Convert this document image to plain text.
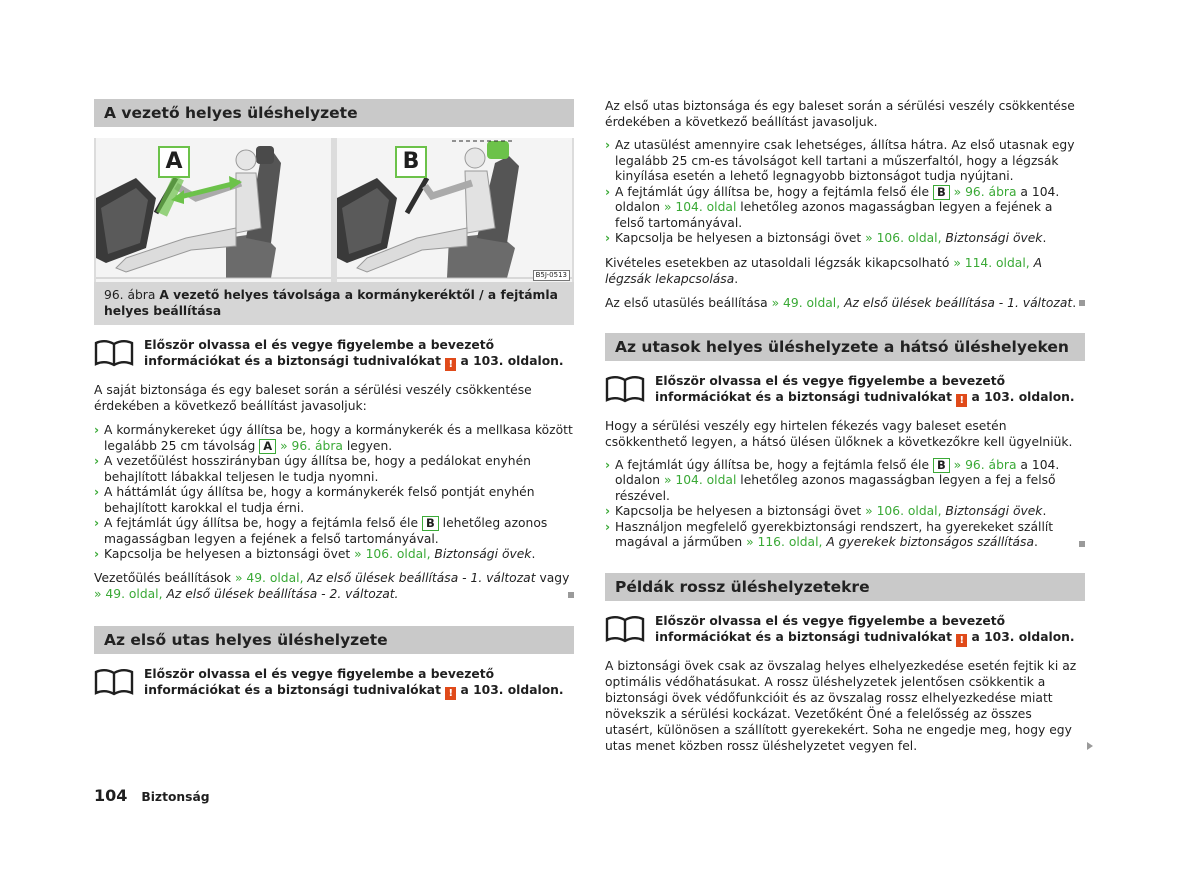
A vezető helyes üléshelyzete
A	B
B5J-0513
96. ábra A vezető helyes távolsága a kormánykeréktől / a fejtámla helyes beállítása
Először olvassa el és vegye figyelembe a bevezető információkat és a biztonsági tudnivalókat ! a 103. oldalon.

A saját biztonsága és egy baleset során a sérülési veszély csökkentése érdekében a következő beállítást javasoljuk:

› A kormánykereket úgy állítsa be, hogy a kormánykerék és a mellkasa között legalább 25 cm távolság A » 96. ábra legyen.
› A vezetőülést hosszirányban úgy állítsa be, hogy a pedálokat enyhén behajlított lábakkal teljesen le tudja nyomni.
› A háttámlát úgy állítsa be, hogy a kormánykerék felső pontját enyhén behajlított karokkal el tudja érni.
› A fejtámlát úgy állítsa be, hogy a fejtámla felső éle B lehetőleg azonos magasságban legyen a fejének a felső tartományával.
› Kapcsolja be helyesen a biztonsági övet » 106. oldal, Biztonsági övek.

Vezetőülés beállítások » 49. oldal, Az első ülések beállítása - 1. változat vagy
» 49. oldal, Az első ülések beállítása - 2. változat.

Az első utas helyes üléshelyzete
Először olvassa el és vegye figyelembe a bevezető információkat és a biztonsági tudnivalókat ! a 103. oldalon.

Az első utas biztonsága és egy baleset során a sérülési veszély csökkentése érdekében a következő beállítást javasoljuk.

› Az utasülést amennyire csak lehetséges, állítsa hátra. Az első utasnak egy legalább 25 cm-es távolságot kell tartani a műszerfaltól, hogy a légzsák kinyílása esetén a lehető legnagyobb biztonságot tudja nyújtani.
› A fejtámlát úgy állítsa be, hogy a fejtámla felső éle B » 96. ábra a 104. oldalon » 104. oldal lehetőleg azonos magasságban legyen a fejének a felső tartományával.
› Kapcsolja be helyesen a biztonsági övet » 106. oldal, Biztonsági övek.

Kivételes esetekben az utasoldali légzsák kikapcsolható » 114. oldal, A légzsák lekapcsolása.

Az első utasülés beállítása » 49. oldal, Az első ülések beállítása - 1. változat.

Az utasok helyes üléshelyzete a hátsó üléshelyeken
Először olvassa el és vegye figyelembe a bevezető információkat és a biztonsági tudnivalókat ! a 103. oldalon.

Hogy a sérülési veszély egy hirtelen fékezés vagy baleset esetén csökkenthető legyen, a hátsó ülésen ülőknek a következőkre kell ügyelniük.

› A fejtámlát úgy állítsa be, hogy a fejtámla felső éle B » 96. ábra a 104. oldalon » 104. oldal lehetőleg azonos magasságban legyen a fej a felső részével.
› Kapcsolja be helyesen a biztonsági övet » 106. oldal, Biztonsági övek.
› Használjon megfelelő gyerekbiztonsági rendszert, ha gyerekeket szállít magával a járműben » 116. oldal, A gyerekek biztonságos szállítása.
Példák rossz üléshelyzetekre
Először olvassa el és vegye figyelembe a bevezető információkat és a biztonsági tudnivalókat ! a 103. oldalon.

A biztonsági övek csak az övszalag helyes elhelyezkedése esetén fejtik ki az optimális védőhatásukat. A rossz üléshelyzetek jelentősen csökkentik a biztonsági övek védőfunkcióit és az övszalag rossz elhelyezkedése miatt növekszik a sérülési kockázat. Vezetőként Öné a felelősség az összes utasért, különösen a szállított gyerekekért. Soha ne engedje meg, hogy egy utas menet közben rossz üléshelyzetet vegyen fel.

104 Biztonság
